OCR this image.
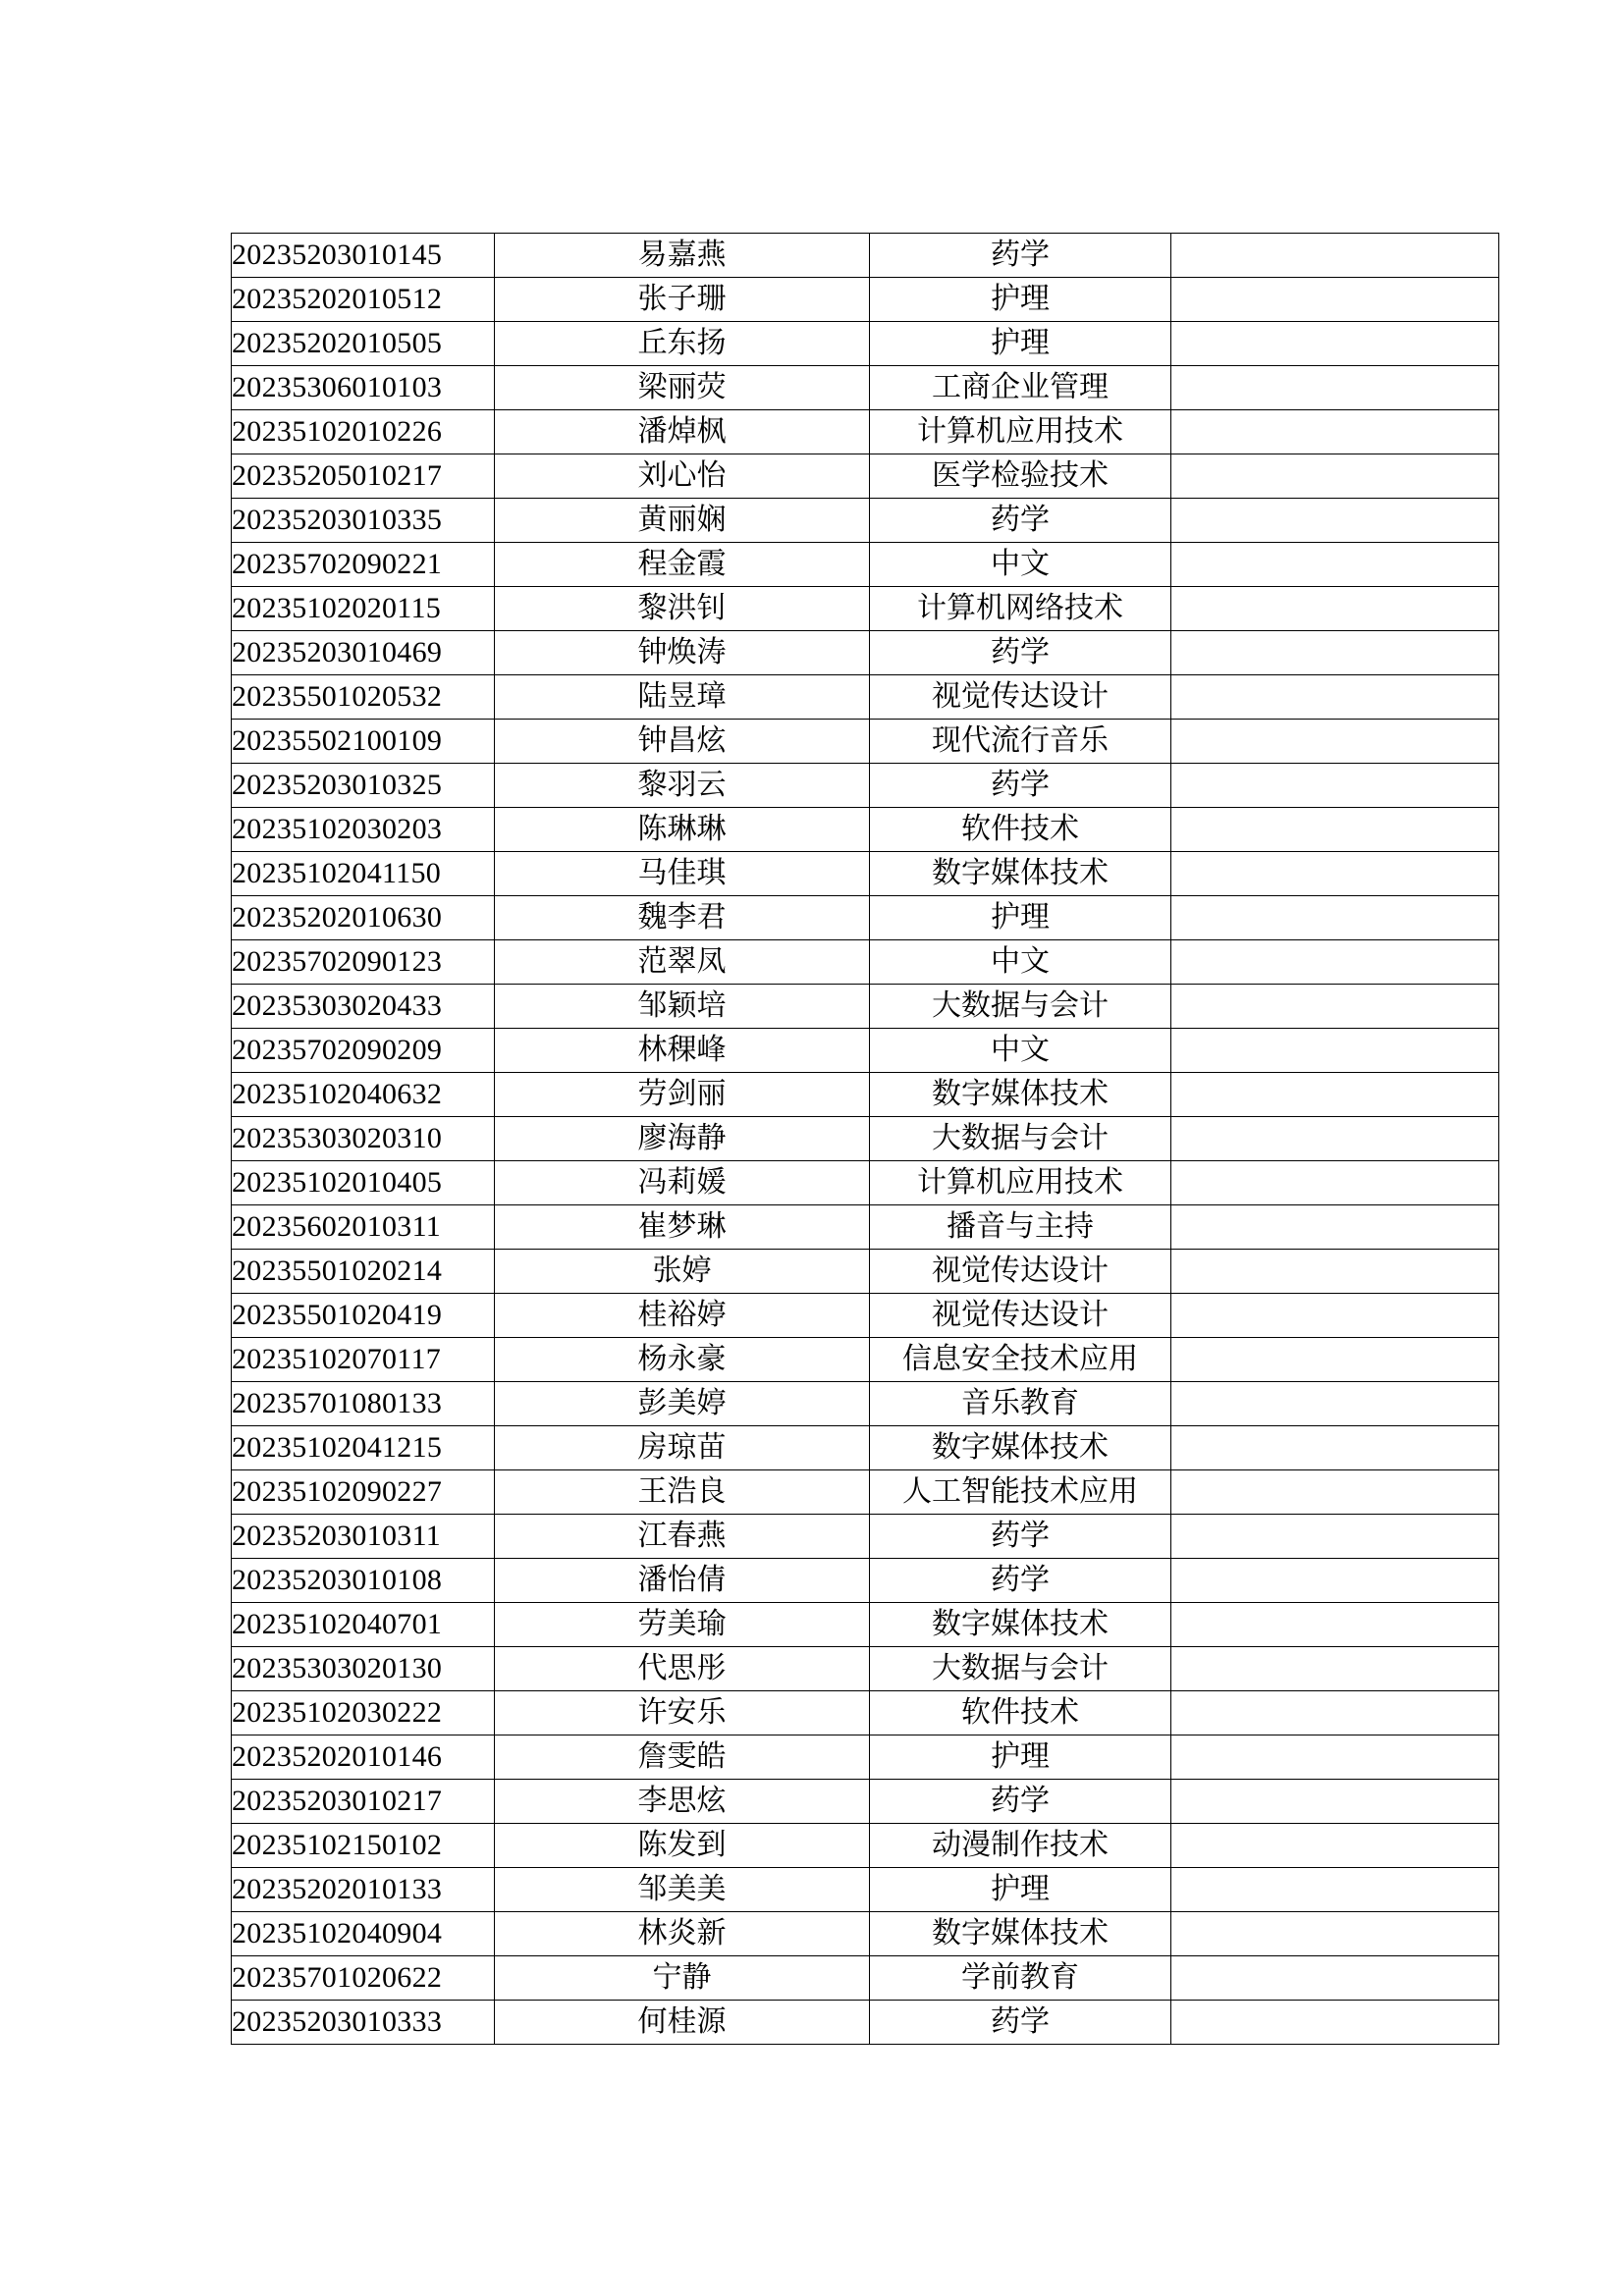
20235203010145	易嘉燕	药学	
20235202010512	张子珊	护理	
20235202010505	丘东扬	护理	
20235306010103	梁丽荧	工商企业管理	
20235102010226	潘焯枫	计算机应用技术	
20235205010217	刘心怡	医学检验技术	
20235203010335	黄丽娴	药学	
20235702090221	程金霞	中文	
20235102020115	黎洪钊	计算机网络技术	
20235203010469	钟焕涛	药学	
20235501020532	陆昱璋	视觉传达设计	
20235502100109	钟昌炫	现代流行音乐	
20235203010325	黎羽云	药学	
20235102030203	陈琳琳	软件技术	
20235102041150	马佳琪	数字媒体技术	
20235202010630	魏李君	护理	
20235702090123	范翠凤	中文	
20235303020433	邹颖培	大数据与会计	
20235702090209	林稞峰	中文	
20235102040632	劳剑丽	数字媒体技术	
20235303020310	廖海静	大数据与会计	
20235102010405	冯莉媛	计算机应用技术	
20235602010311	崔梦琳	播音与主持	
20235501020214	张婷	视觉传达设计	
20235501020419	桂裕婷	视觉传达设计	
20235102070117	杨永豪	信息安全技术应用	
20235701080133	彭美婷	音乐教育	
20235102041215	房琼苗	数字媒体技术	
20235102090227	王浩良	人工智能技术应用	
20235203010311	江春燕	药学	
20235203010108	潘怡倩	药学	
20235102040701	劳美瑜	数字媒体技术	
20235303020130	代思彤	大数据与会计	
20235102030222	许安乐	软件技术	
20235202010146	詹雯皓	护理	
20235203010217	李思炫	药学	
20235102150102	陈发到	动漫制作技术	
20235202010133	邹美美	护理	
20235102040904	林炎新	数字媒体技术	
20235701020622	宁静	学前教育	
20235203010333	何桂源	药学	
